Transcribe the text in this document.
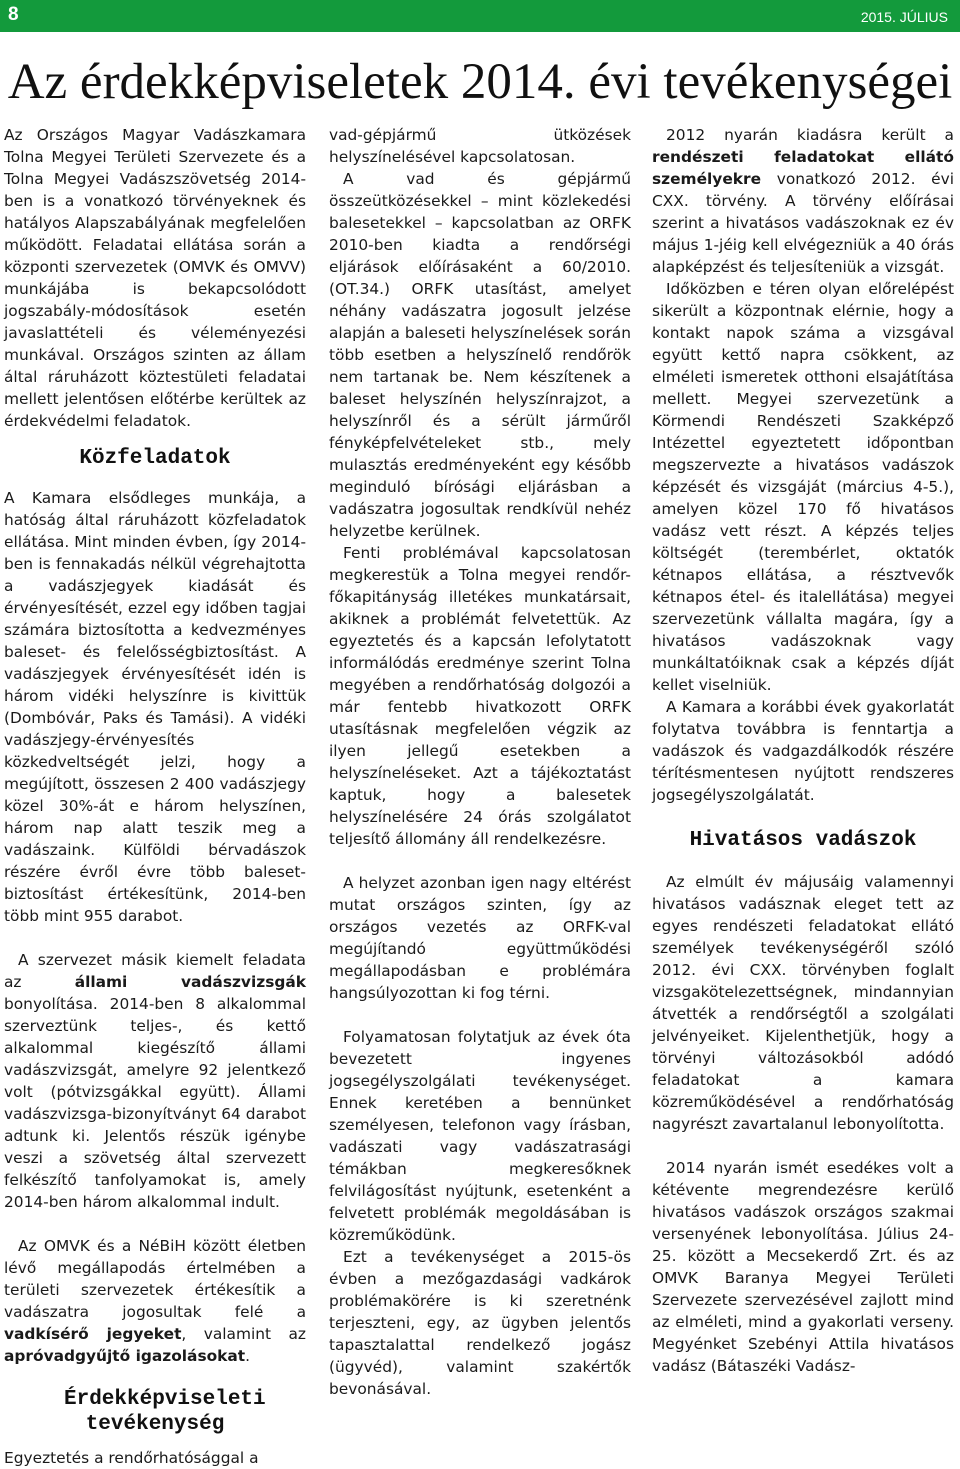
8	2015. JÚLIUS
Az érdekképviseletek 2014. évi tevékenységei

Az Országos Magyar Vadászkamara Tolna Megyei Területi Szervezete és a Tolna Megyei Vadászszövetség 2014-ben is a vonatkozó törvényeknek és hatályos Alapszabályának megfelelően működött. Feladatai ellátása során a központi szervezetek (OMVK és OMVV) munkájába is bekapcsolódott jogszabály-módosítások esetén javaslattételi és véleményezési munkával. Országos szinten az állam által ráruházott köztestületi feladatai mellett jelentősen előtérbe kerültek az érdekvédelmi feladatok.

Közfeladatok

A Kamara elsődleges munkája, a hatóság által ráruházott közfeladatok ellátása. Mint minden évben, így 2014-ben is fennakadás nélkül végrehajtotta a vadászjegyek kiadását és érvényesítését, ezzel egy időben tagjai számára biztosította a kedvezményes baleset- és felelősségbiztosítást. A vadászjegyek érvényesítését idén is három vidéki helyszínre is kivittük (Dombóvár, Paks és Tamási). A vidéki vadászjegy-érvényesítés közkedveltségét jelzi, hogy a megújított, összesen 2 400 vadászjegy közel 30%-át e három helyszínen, három nap alatt teszik meg a vadászaink. Külföldi bérvadászok részére évről évre több baleset-biztosítást értékesítünk, 2014-ben több mint 955 darabot.

A szervezet másik kiemelt feladata az állami vadászvizsgák bonyolítása. 2014-ben 8 alkalommal szerveztünk teljes-, és kettő alkalommal kiegészítő állami vadászvizsgát, amelyre 92 jelentkező volt (pótvizsgákkal együtt). Állami vadászvizsga-bizonyítványt 64 darabot adtunk ki. Jelentős részük igénybe veszi a szövetség által szervezett felkészítő tanfolyamokat is, amely 2014-ben három alkalommal indult.

Az OMVK és a NéBiH között életben lévő megállapodás értelmében a területi szervezetek értékesítik a vadászatra jogosultak felé a vadkísérő jegyeket, valamint az apróvadgyűjtő igazolásokat.

Érdekképviseleti tevékenység

Egyeztetés a rendőrhatósággal a

vad-gépjármű ütközések helyszínelésével kapcsolatosan.

A vad és gépjármű összeütközésekkel – mint közlekedési balesetekkel – kapcsolatban az ORFK 2010-ben kiadta a rendőrségi eljárások előírásaként a 60/2010. (OT.34.) ORFK utasítást, amelyet néhány vadászatra jogosult jelzése alapján a baleseti helyszínelések során több esetben a helyszínelő rendőrök nem tartanak be. Nem készítenek a baleset helyszínén helyszínrajzot, a helyszínről és a sérült járműről fényképfelvételeket stb., mely mulasztás eredményeként egy később meginduló bírósági eljárásban a vadászatra jogosultak rendkívül nehéz helyzetbe kerülnek.

Fenti problémával kapcsolatosan megkerestük a Tolna megyei rendőr-főkapitányság illetékes munkatársait, akiknek a problémát felvetettük. Az egyeztetés és a kapcsán lefolytatott informálódás eredménye szerint Tolna megyében a rendőrhatóság dolgozói a már fentebb hivatkozott ORFK utasításnak megfelelően végzik az ilyen jellegű esetekben a helyszíneléseket. Azt a tájékoztatást kaptuk, hogy a balesetek helyszínelésére 24 órás szolgálatot teljesítő állomány áll rendelkezésre.

A helyzet azonban igen nagy eltérést mutat országos szinten, így az országos vezetés az ORFK-val megújítandó együttműködési megállapodásban e problémára hangsúlyozottan ki fog térni.

Folyamatosan folytatjuk az évek óta bevezetett ingyenes jogsegélyszolgálati tevékenységet. Ennek keretében a bennünket személyesen, telefonon vagy írásban, vadászati vagy vadászatrasági témákban megkeresőknek felvilágosítást nyújtunk, esetenként a felvetett problémák megoldásában is közreműködünk.

Ezt a tevékenységet a 2015-ös évben a mezőgazdasági vadkárok problémakörére is ki szeretnénk terjeszteni, egy, az ügyben jelentős tapasztalattal rendelkező jogász (ügyvéd), valamint szakértők bevonásával.

2012 nyarán kiadásra került a rendészeti feladatokat ellátó személyekre vonatkozó 2012. évi CXX. törvény. A törvény előírásai szerint a hivatásos vadászoknak ez év május 1-jéig kell elvégezniük a 40 órás alapképzést és teljesíteniük a vizsgát.

Időközben e téren olyan előrelépést sikerült a központnak elérnie, hogy a kontakt napok száma a vizsgával együtt kettő napra csökkent, az elméleti ismeretek otthoni elsajátítása mellett. Megyei szervezetünk a Körmendi Rendészeti Szakképző Intézettel egyeztetett időpontban megszervezte a hivatásos vadászok képzését és vizsgáját (március 4-5.), amelyen közel 170 fő hivatásos vadász vett részt. A képzés teljes költségét (terembérlet, oktatók kétnapos ellátása, a résztvevők kétnapos étel- és italellátása) megyei szervezetünk vállalta magára, így a hivatásos vadászoknak vagy munkáltatóiknak csak a képzés díját kellet viselniük.

A Kamara a korábbi évek gyakorlatát folytatva továbbra is fenntartja a vadászok és vadgazdálkodók részére térítésmentesen nyújtott rendszeres jogsegélyszolgálatát.

Hivatásos vadászok

Az elmúlt év májusáig valamennyi hivatásos vadásznak eleget tett az egyes rendészeti feladatokat ellátó személyek tevékenységéről szóló 2012. évi CXX. törvényben foglalt vizsgakötelezettségnek, mindannyian átvették a rendőrségtől a szolgálati jelvényeiket. Kijelenthetjük, hogy a törvényi változásokból adódó feladatokat a kamara közreműködésével a rendőrhatóság nagyrészt zavartalanul lebonyolította.

2014 nyarán ismét esedékes volt a kétévente megrendezésre kerülő hivatásos vadászok országos szakmai versenyének lebonyolítása. Július 24-25. között a Mecsekerdő Zrt. és az OMVK Baranya Megyei Területi Szervezete szervezésével zajlott mind az elméleti, mind a gyakorlati verseny. Megyénket Szebényi Attila hivatásos vadász (Bátaszéki Vadász-
